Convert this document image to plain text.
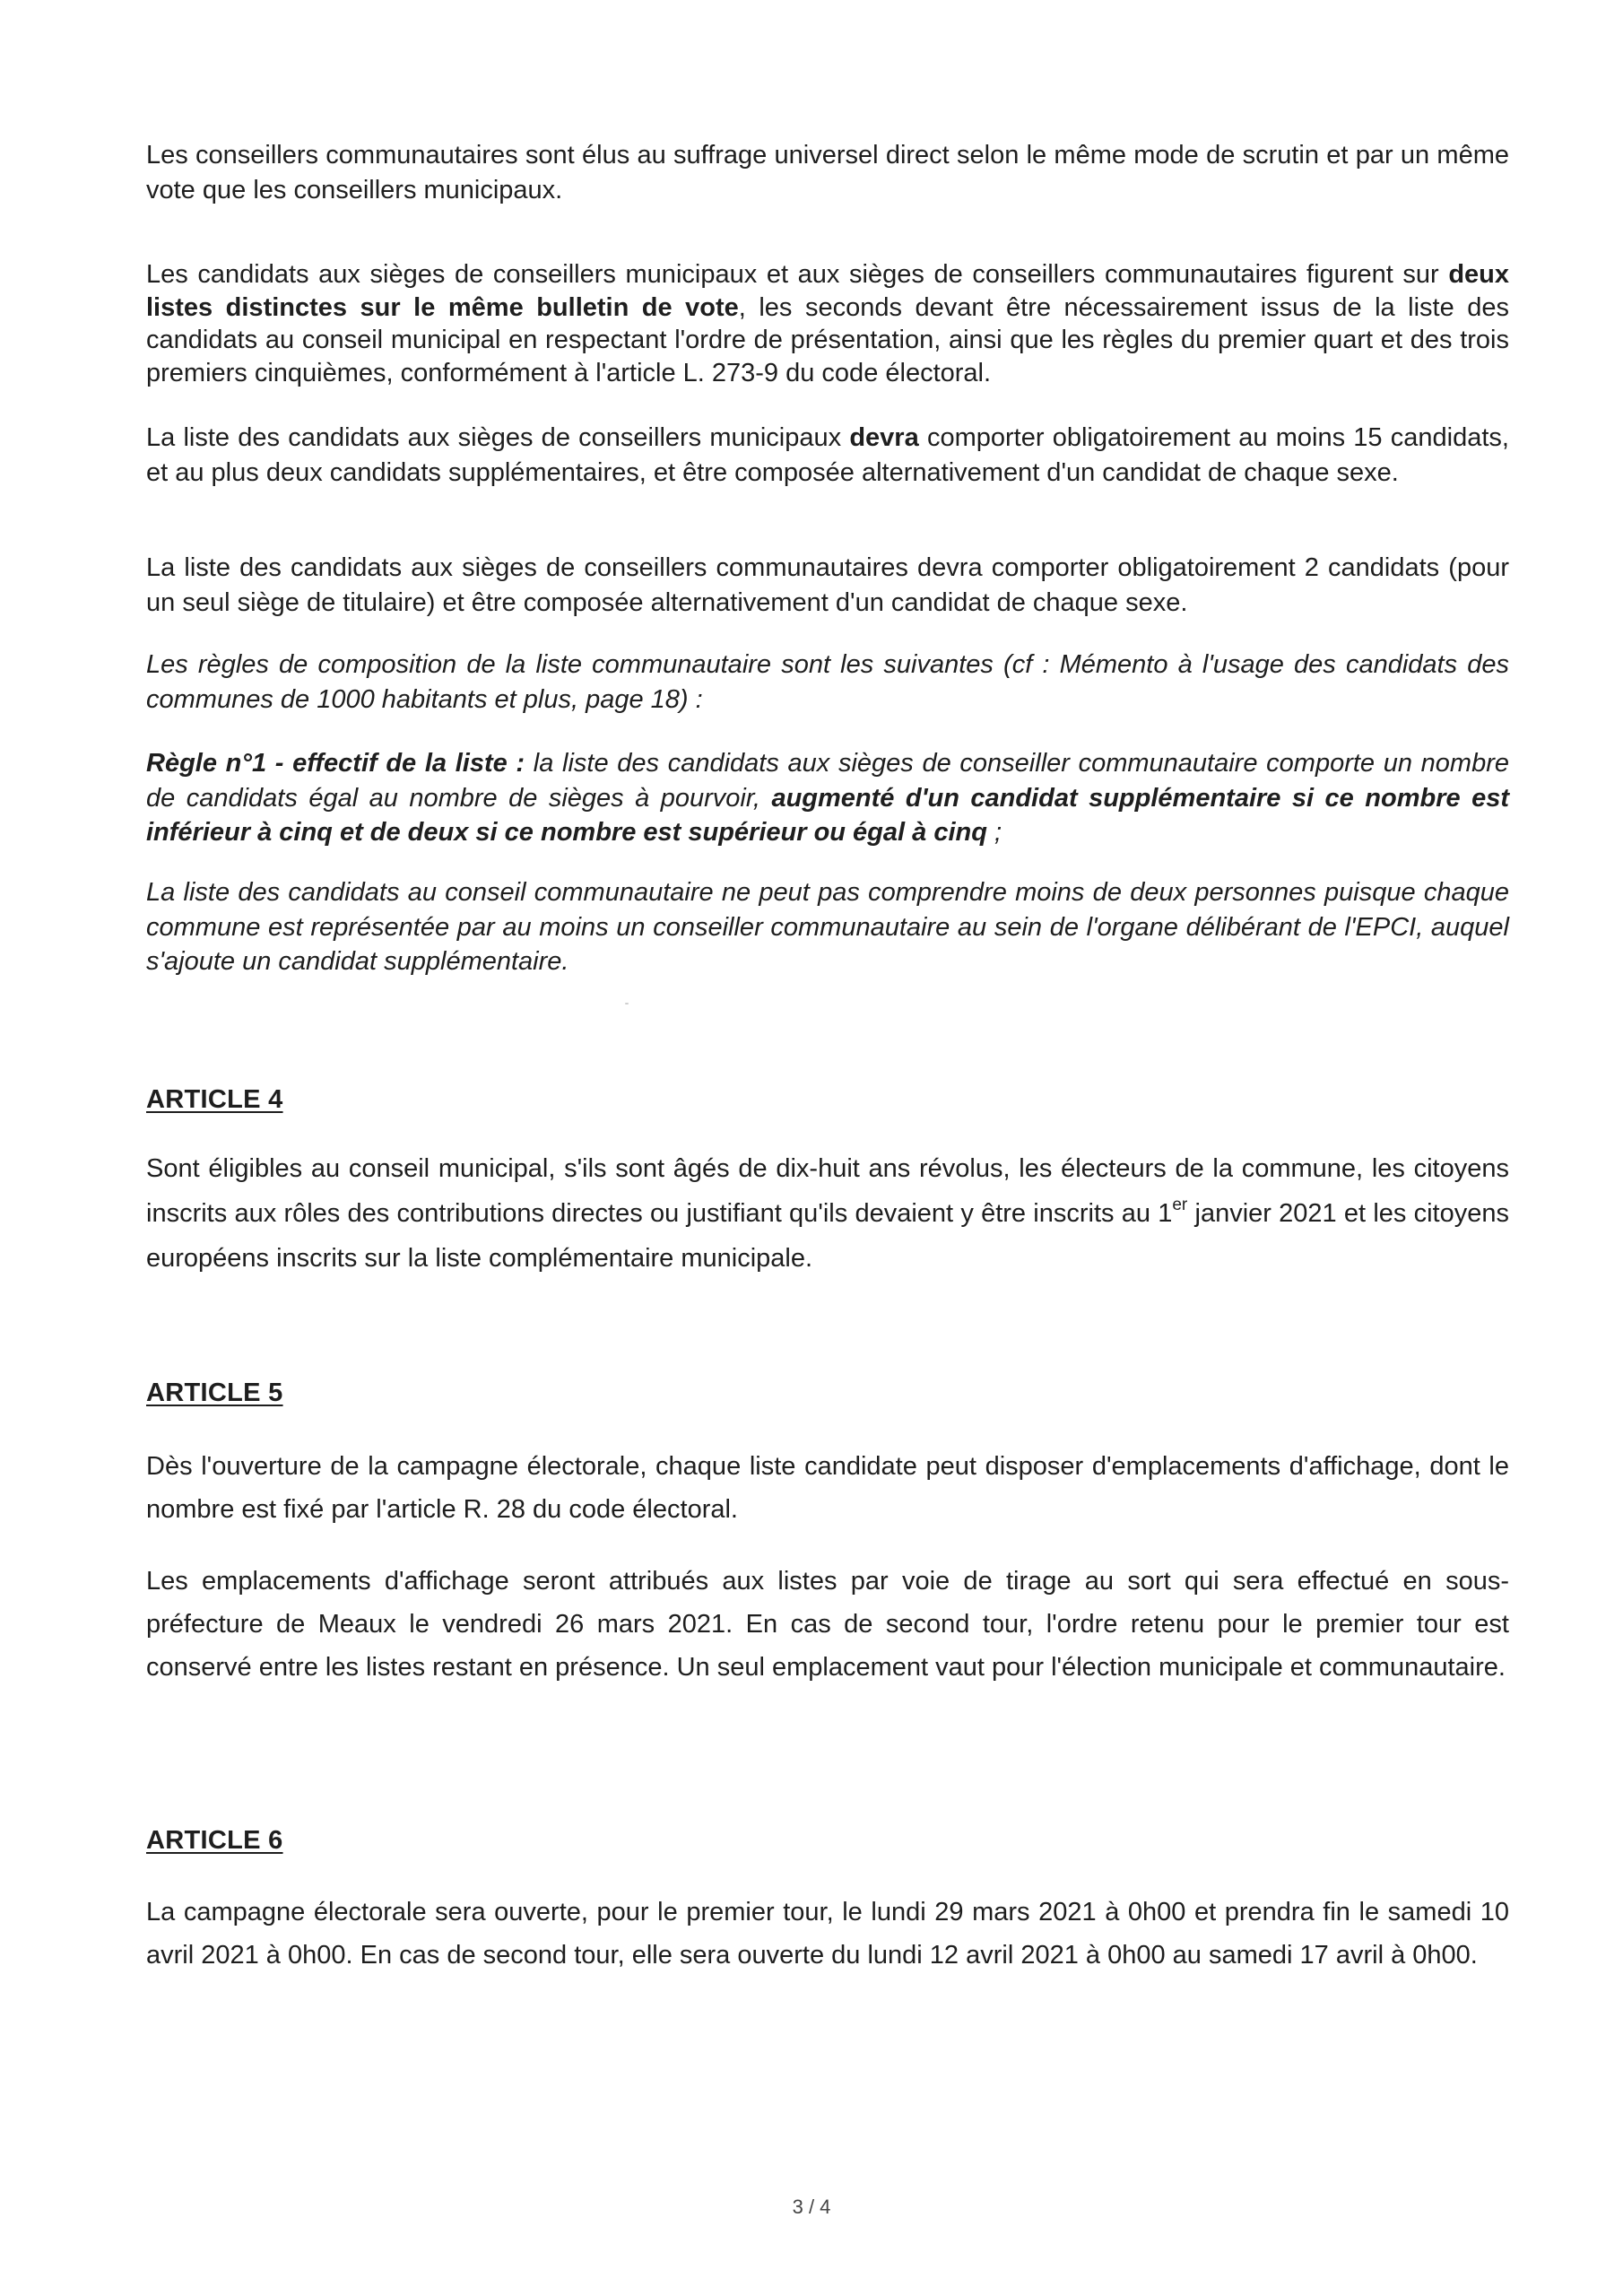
Les conseillers communautaires sont élus au suffrage universel direct selon le même mode de scrutin et par un même vote que les conseillers municipaux.

Les candidats aux sièges de conseillers municipaux et aux sièges de conseillers communautaires figurent sur deux listes distinctes sur le même bulletin de vote, les seconds devant être nécessairement issus de la liste des candidats au conseil municipal en respectant l'ordre de présentation, ainsi que les règles du premier quart et des trois premiers cinquièmes, conformément à l'article L. 273-9 du code électoral.

La liste des candidats aux sièges de conseillers municipaux devra comporter obligatoirement au moins 15 candidats, et au plus deux candidats supplémentaires, et être composée alternativement d'un candidat de chaque sexe.

La liste des candidats aux sièges de conseillers communautaires devra comporter obligatoirement 2 candidats (pour un seul siège de titulaire) et être composée alternativement d'un candidat de chaque sexe.

Les règles de composition de la liste communautaire sont les suivantes (cf : Mémento à l'usage des candidats des communes de 1000 habitants et plus, page 18) :

Règle n°1 - effectif de la liste : la liste des candidats aux sièges de conseiller communautaire comporte un nombre de candidats égal au nombre de sièges à pourvoir, augmenté d'un candidat supplémentaire si ce nombre est inférieur à cinq et de deux si ce nombre est supérieur ou égal à cinq ;

La liste des candidats au conseil communautaire ne peut pas comprendre moins de deux personnes puisque chaque commune est représentée par au moins un conseiller communautaire au sein de l'organe délibérant de l'EPCI, auquel s'ajoute un candidat supplémentaire.

ARTICLE 4

Sont éligibles au conseil municipal, s'ils sont âgés de dix-huit ans révolus, les électeurs de la commune, les citoyens inscrits aux rôles des contributions directes ou justifiant qu'ils devaient y être inscrits au 1er janvier 2021 et les citoyens européens inscrits sur la liste complémentaire municipale.

ARTICLE 5

Dès l'ouverture de la campagne électorale, chaque liste candidate peut disposer d'emplacements d'affichage, dont le nombre est fixé par l'article R. 28 du code électoral.

Les emplacements d'affichage seront attribués aux listes par voie de tirage au sort qui sera effectué en sous-préfecture de Meaux le vendredi 26 mars 2021. En cas de second tour, l'ordre retenu pour le premier tour est conservé entre les listes restant en présence. Un seul emplacement vaut pour l'élection municipale et communautaire.

ARTICLE 6

La campagne électorale sera ouverte, pour le premier tour, le lundi 29 mars 2021 à 0h00 et prendra fin le samedi 10 avril 2021 à 0h00. En cas de second tour, elle sera ouverte du lundi 12 avril 2021 à 0h00 au samedi 17 avril à 0h00.

3 / 4
